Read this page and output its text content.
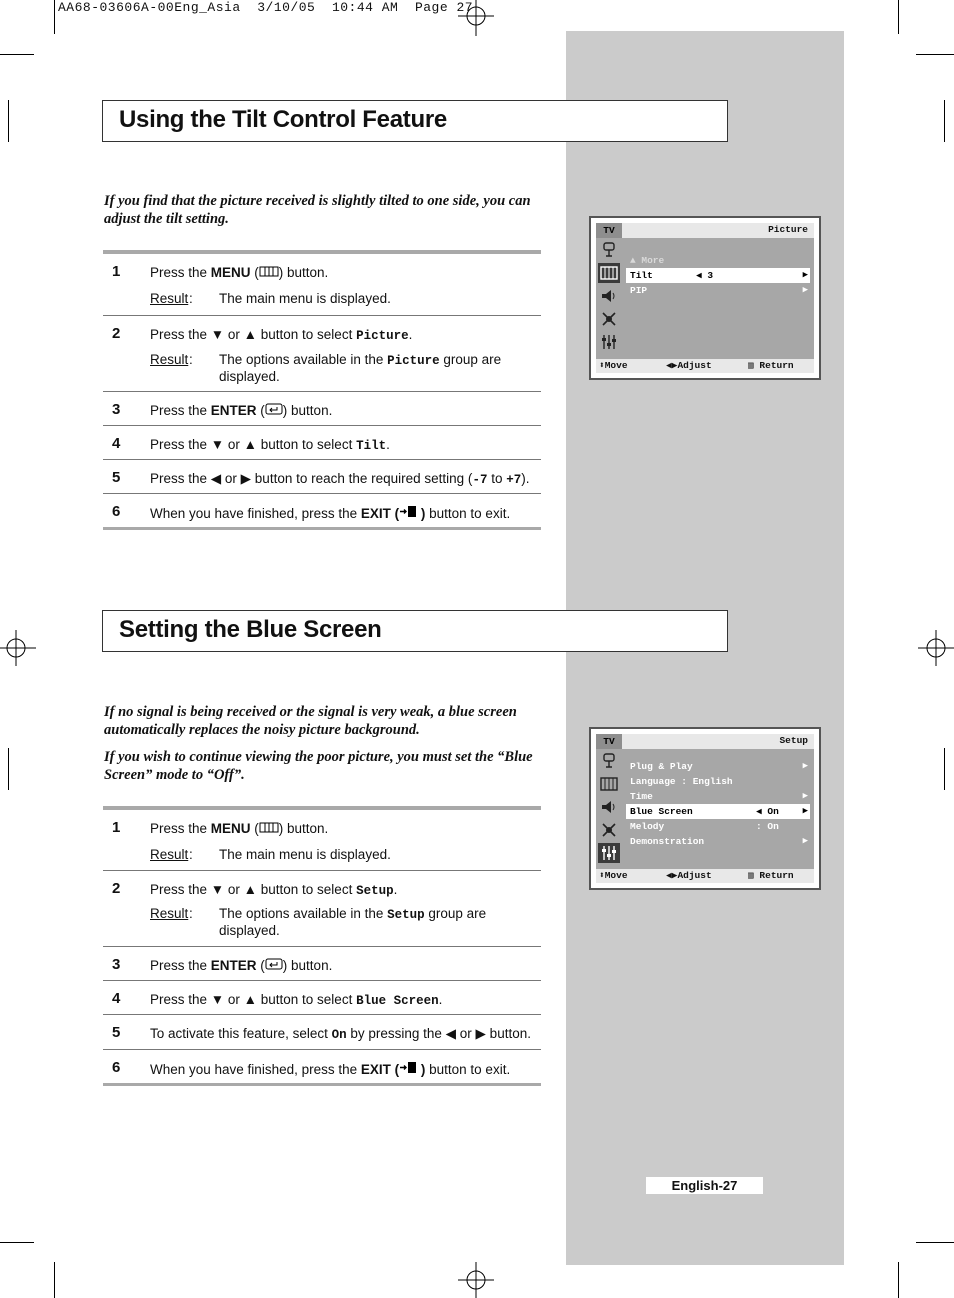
AA68-03606A-00Eng_Asia  3/10/05  10:44 AM  Page 27
Using the Tilt Control Feature

If you find that the picture received is slightly tilted to one side, you can adjust the tilt setting.

1 Press the MENU ( ) button.
Result : The main menu is displayed.
2 Press the ▼ or ▲ button to select Picture.
Result : The options available in the Picture group are displayed.
3 Press the ENTER ( ) button.
4 Press the ▼ or ▲ button to select Tilt.
5 Press the ◀ or ▶ button to reach the required setting (-7 to +7).
6 When you have finished, press the EXIT ( ) button to exit.
TV	Picture
▲ More
Tilt	◀ 3	▶
PIP	▶
⬍Move	◀▶Adjust	▥ Return
Setting the Blue Screen

If no signal is being received or the signal is very weak, a blue screen automatically replaces the noisy picture background.

If you wish to continue viewing the poor picture, you must set the “Blue Screen” mode to “Off”.

1 Press the MENU ( ) button.
Result : The main menu is displayed.
2 Press the ▼ or ▲ button to select Setup.
Result : The options available in the Setup group are displayed.
3 Press the ENTER ( ) button.
4 Press the ▼ or ▲ button to select Blue Screen.
5 To activate this feature, select On by pressing the ◀ or ▶ button.
6 When you have finished, press the EXIT ( ) button to exit.
TV	Setup
Plug & Play	▶
Language : English
Time	▶
Blue Screen	◀ On	▶
Melody	: On
Demonstration	▶
⬍Move	◀▶Adjust	▥ Return
English-27
